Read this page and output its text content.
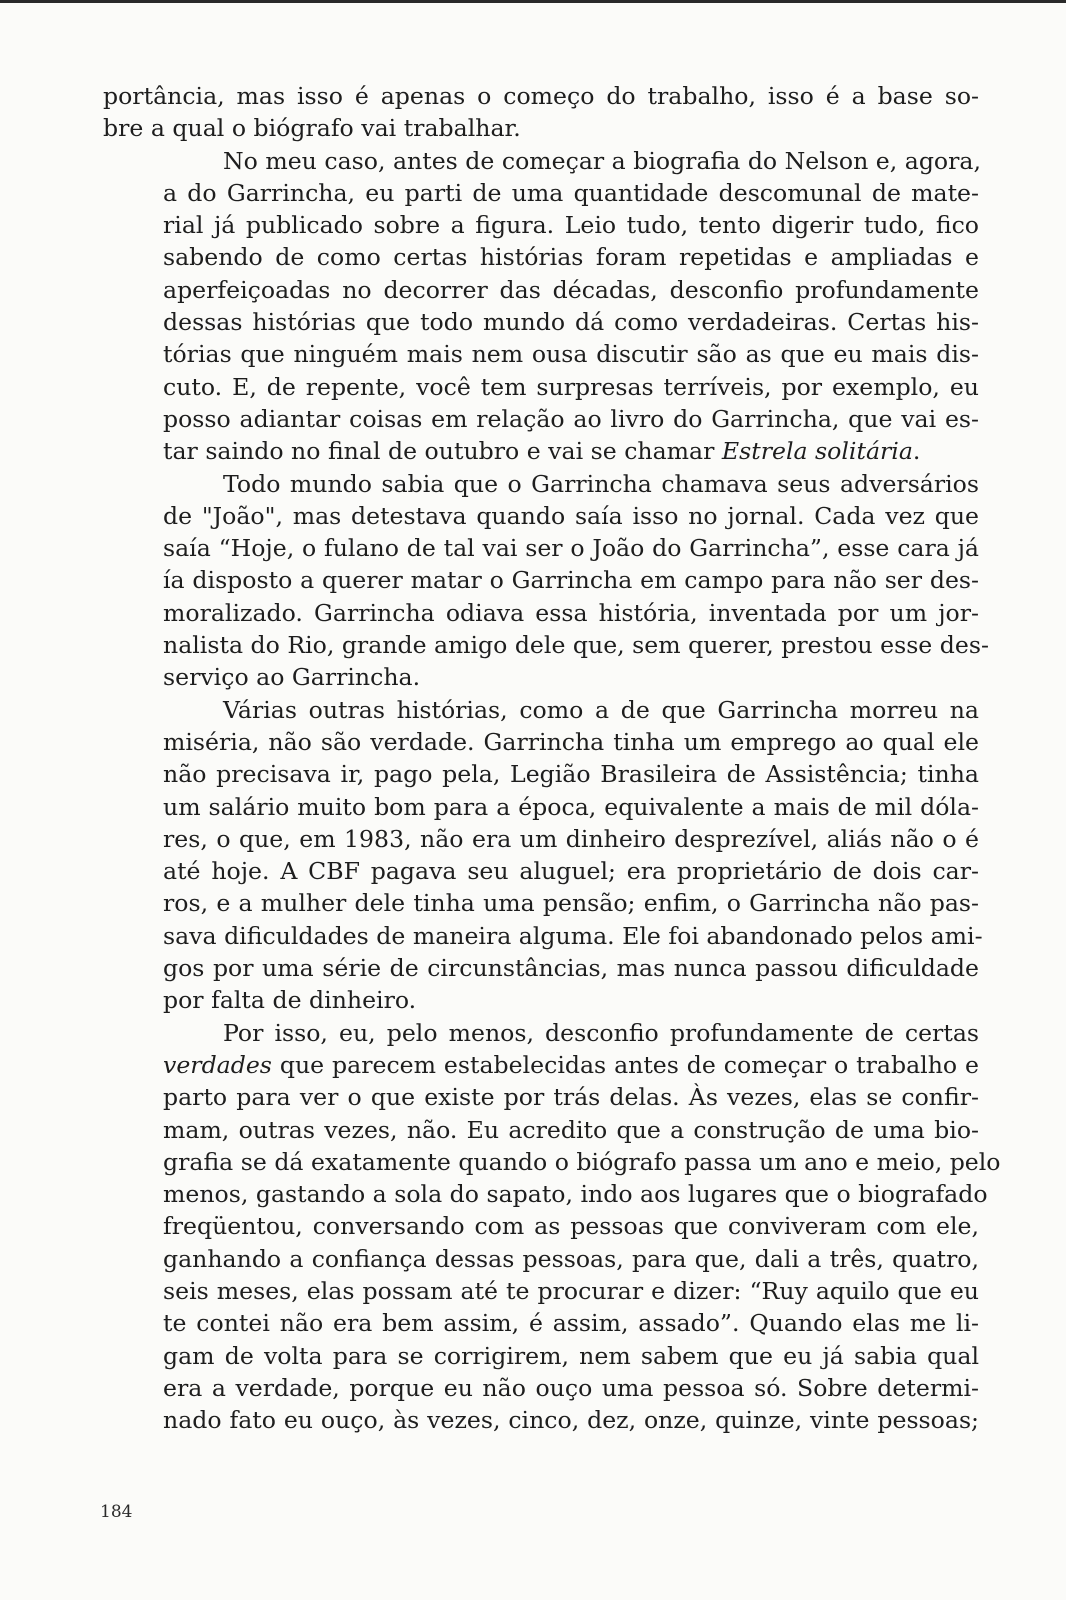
portância, mas isso é apenas o começo do trabalho, isso é a base so-
bre a qual o biógrafo vai trabalhar.

No meu caso, antes de começar a biografia do Nelson e, agora,
a do Garrincha, eu parti de uma quantidade descomunal de mate-
rial já publicado sobre a figura. Leio tudo, tento digerir tudo, fico
sabendo de como certas histórias foram repetidas e ampliadas e
aperfeiçoadas no decorrer das décadas, desconfio profundamente
dessas histórias que todo mundo dá como verdadeiras. Certas his-
tórias que ninguém mais nem ousa discutir são as que eu mais dis-
cuto. E, de repente, você tem surpresas terríveis, por exemplo, eu
posso adiantar coisas em relação ao livro do Garrincha, que vai es-
tar saindo no final de outubro e vai se chamar Estrela solitária.

Todo mundo sabia que o Garrincha chamava seus adversários
de "João", mas detestava quando saía isso no jornal. Cada vez que
saía “Hoje, o fulano de tal vai ser o João do Garrincha”, esse cara já
ía disposto a querer matar o Garrincha em campo para não ser des-
moralizado. Garrincha odiava essa história, inventada por um jor-
nalista do Rio, grande amigo dele que, sem querer, prestou esse des-
serviço ao Garrincha.

Várias outras histórias, como a de que Garrincha morreu na
miséria, não são verdade. Garrincha tinha um emprego ao qual ele
não precisava ir, pago pela, Legião Brasileira de Assistência; tinha
um salário muito bom para a época, equivalente a mais de mil dóla-
res, o que, em 1983, não era um dinheiro desprezível, aliás não o é
até hoje. A CBF pagava seu aluguel; era proprietário de dois car-
ros, e a mulher dele tinha uma pensão; enfim, o Garrincha não pas-
sava dificuldades de maneira alguma. Ele foi abandonado pelos ami-
gos por uma série de circunstâncias, mas nunca passou dificuldade
por falta de dinheiro.

Por isso, eu, pelo menos, desconfio profundamente de certas
verdades que parecem estabelecidas antes de começar o trabalho e
parto para ver o que existe por trás delas. Às vezes, elas se confir-
mam, outras vezes, não. Eu acredito que a construção de uma bio-
grafia se dá exatamente quando o biógrafo passa um ano e meio, pelo
menos, gastando a sola do sapato, indo aos lugares que o biografado
freqüentou, conversando com as pessoas que conviveram com ele,
ganhando a confiança dessas pessoas, para que, dali a três, quatro,
seis meses, elas possam até te procurar e dizer: “Ruy aquilo que eu
te contei não era bem assim, é assim, assado”. Quando elas me li-
gam de volta para se corrigirem, nem sabem que eu já sabia qual
era a verdade, porque eu não ouço uma pessoa só. Sobre determi-
nado fato eu ouço, às vezes, cinco, dez, onze, quinze, vinte pessoas;

184
